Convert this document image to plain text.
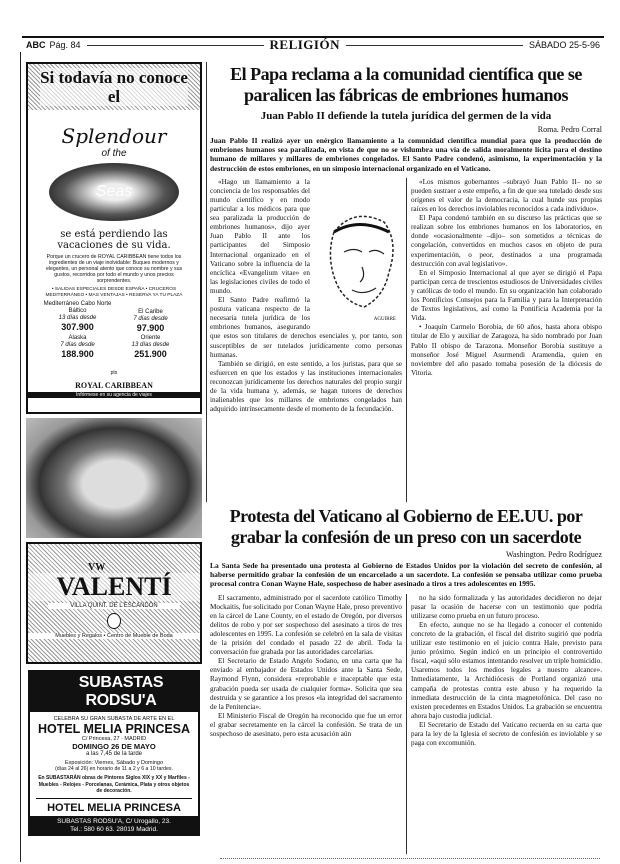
ABC Pág. 84	RELIGIÓN	SÁBADO 25-5-96
El Papa reclama a la comunidad científica que se paralicen las fábricas de embriones humanos
Juan Pablo II defiende la tutela jurídica del germen de la vida
Roma. Pedro Corral
Juan Pablo II realizó ayer un enérgico llamamiento a la comunidad científica mundial para que la producción de embriones humanos sea paralizada, en vista de que no se vislumbra una vía de salida moralmente lícita para el destino humano de millares y millares de embriones congelados. El Santo Padre condenó, asimismo, la experimentación y la destrucción de estos embriones, en un simposio internacional organizado en el Vaticano.
AGUIRRE

«Hago un llamamiento a la conciencia de los responsables del mundo científico y en modo particular a los médicos para que sea paralizada la producción de embriones humanos», dijo ayer Juan Pablo II ante los participantes del Simposio Internacional organizado en el Vaticano sobre la influencia de la encíclica «Evangelium vitae» en las legislaciones civiles de todo el mundo.

El Santo Padre reafirmó la postura vaticana respecto de la necesaria tutela jurídica de los embriones humanos, asegurando que estos son titulares de derechos esenciales y, por tanto, son susceptibles de ser tutelados jurídicamente como personas humanas.

También se dirigió, en este sentido, a los juristas, para que se esfuercen en que los estados y las instituciones internacionales reconozcan jurídicamente los derechos naturales del propio surgir de la vida humana y, además, se hagan tutores de derechos inalienables que los millares de embriones congelados han adquirido intrínsecamente desde el momento de la fecundación.

«Los mismos gobernantes –subrayó Juan Pablo II– no se pueden sustraer a este empeño, a fin de que sea tutelado desde sus orígenes el valor de la democracia, la cual hunde sus propias raíces en los derechos inviolables reconocidos a cada individuo».

El Papa condenó también en su discurso las prácticas que se realizan sobre los embriones humanos en los laboratorios, en donde «ocasionalmente –dijo– son sometidos a técnicas de congelación, convertidos en muchos casos en objeto de pura experimentación, o peor, destinados a una programada destrucción con aval legislativo».

En el Simposio Internacional al que ayer se dirigió el Papa participan cerca de trescientos estudiosos de Universidades civiles y católicas de todo el mundo. En su organización han colaborado los Pontificios Consejos para la Familia y para la Interpretación de Textos legislativos, así como la Pontificia Academia por la Vida.

• Joaquín Carmelo Borobia, de 60 años, hasta ahora obispo titular de Elo y auxiliar de Zaragoza, ha sido nombrado por Juan Pablo II obispo de Tarazona. Monseñor Borobia sustituye a monseñor José Miguel Asurmendi Aramendía, quien en noviembre del año pasado tomaba posesión de la diócesis de Vitoria.

Protesta del Vaticano al Gobierno de EE.UU. por grabar la confesión de un preso con un sacerdote
Washington. Pedro Rodríguez
La Santa Sede ha presentado una protesta al Gobierno de Estados Unidos por la violación del secreto de confesión, al haberse permitido grabar la confesión de un encarcelado a un sacerdote. La confesión se pensaba utilizar como prueba procesal contra Conan Wayne Hale, sospechoso de haber asesinado a tiros a tres adolescentes en 1995.

El sacramento, administrado por el sacerdote católico Timothy Mockaitis, fue solicitado por Conan Wayne Hale, preso preventivo en la cárcel de Lane County, en el estado de Oregón, por diversos delitos de robo y por ser sospechoso del asesinato a tiros de tres adolescentes en 1995. La confesión se celebró en la sala de visitas de la prisión del condado el pasado 22 de abril. Toda la conversación fue grabada por las autoridades carcelarias.

El Secretario de Estado Angelo Sodano, en una carta que ha enviado al embajador de Estados Unidos ante la Santa Sede, Raymond Flynn, considera «reprobable e inaceptable que esta grabación pueda ser usada de cualquier forma». Solicita que sea destruida y se garantice a los presos «la integridad del sacramento de la Penitencia».

El Ministerio Fiscal de Oregón ha reconocido que fue un error el grabar secretamente en la cárcel la confesión. Se trata de un sospechoso de asesinato, pero esta acusación aún

no ha sido formalizada y las autoridades decidieron no dejar pasar la ocasión de hacerse con un testimonio que podría utilizarse como prueba en un futuro proceso.

En efecto, aunque no se ha llegado a conocer el contenido concreto de la grabación, el fiscal del distrito sugirió que podría utilizar este testimonio en el juicio contra Hale, previsto para junio próximo. Según indicó en un principio el controvertido fiscal, «aquí sólo estamos intentando resolver un triple homicidio. Usaremos todos los medios legales a nuestro alcance». Inmediatamente, la Archidiócesis de Portland organizó una campaña de protestas contra este abuso y ha requerido la inmediata destrucción de la cinta magnetofónica. Del caso no existen precedentes en Estados Unidos. La grabación se encuentra ahora bajo custodia judicial.

El Secretario de Estado del Vaticano recuerda en su carta que para la ley de la Iglesia el secreto de confesión es inviolable y se paga con excomunión.

Si todavía no conoce el
Splendour
of the
Seas
se está perdiendo las vacaciones de su vida.
Porque un crucero de ROYAL CARIBBEAN tiene todos los ingredientes de un viaje inolvidable: Buques modernos y elegantes, un personal atento que conoce su nombre y sus gustos, recorridos por todo el mundo y unos precios sorprendentes.
• SALIDAS ESPECIALES DESDE ESPAÑA • CRUCEROS MEDITERRÁNEO • MAS VENTAJAS • RESERVA YA TU PLAZA
Mediterráneo Cabo Norte Báltico
13 días desde
307.900
El Caribe
7 días desde
97.900
Alaska
7 días desde
188.900
Oriente
13 días desde
251.900
pts
ROYAL CARIBBEAN
Infórmese en su agencia de viajes
VW
VALENTÍ
VILLA QUINT. DE L'ESCANDÓN
Muebles y Regalos • Centro de Mueble de Boda
SUBASTAS RODSU'A
CELEBRA SU GRAN SUBASTA DE ARTE EN EL
HOTEL MELIA PRINCESA
C/ Princesa, 27 · MADRID
DOMINGO 26 DE MAYO
a las 7,45 de la tarde
Exposición: Viernes, Sábado y Domingo
(días 24 al 26) en horario de 11 a 2 y 6 a 10 tardes.
En SUBASTARÁN obras de Pintores Siglos XIX y XX y Marfiles - Muebles - Relojes - Porcelanas, Cerámica, Plata y otros objetos de decoración.
HOTEL MELIA PRINCESA
SUBASTAS RODSU'A, C/ Urogallo, 23.
Tel.: 580 60 63. 28019 Madrid.
